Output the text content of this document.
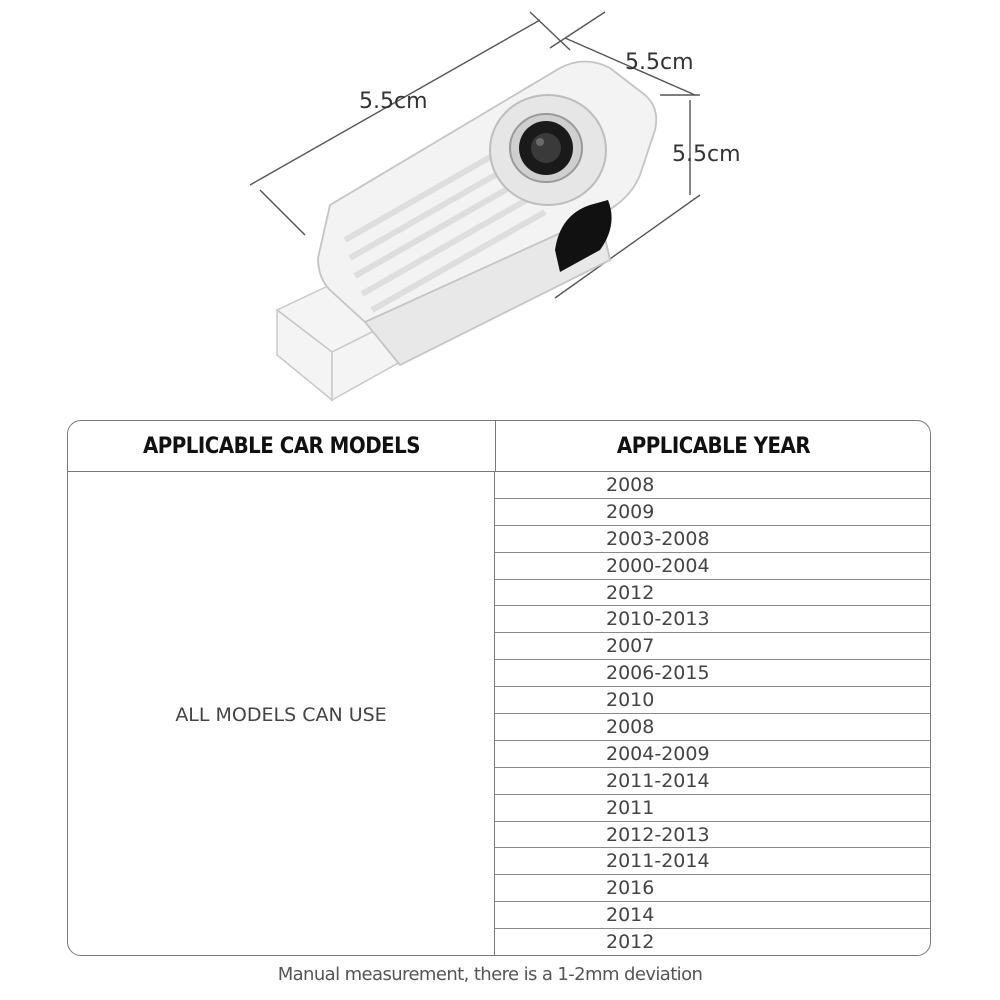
5.5cm
5.5cm
5.5cm
APPLICABLE CAR MODELS	APPLICABLE YEAR
ALL MODELS CAN USE
2008
2009
2003-2008
2000-2004
2012
2010-2013
2007
2006-2015
2010
2008
2004-2009
2011-2014
2011
2012-2013
2011-2014
2016
2014
2012
Manual measurement, there is a 1-2mm deviation
